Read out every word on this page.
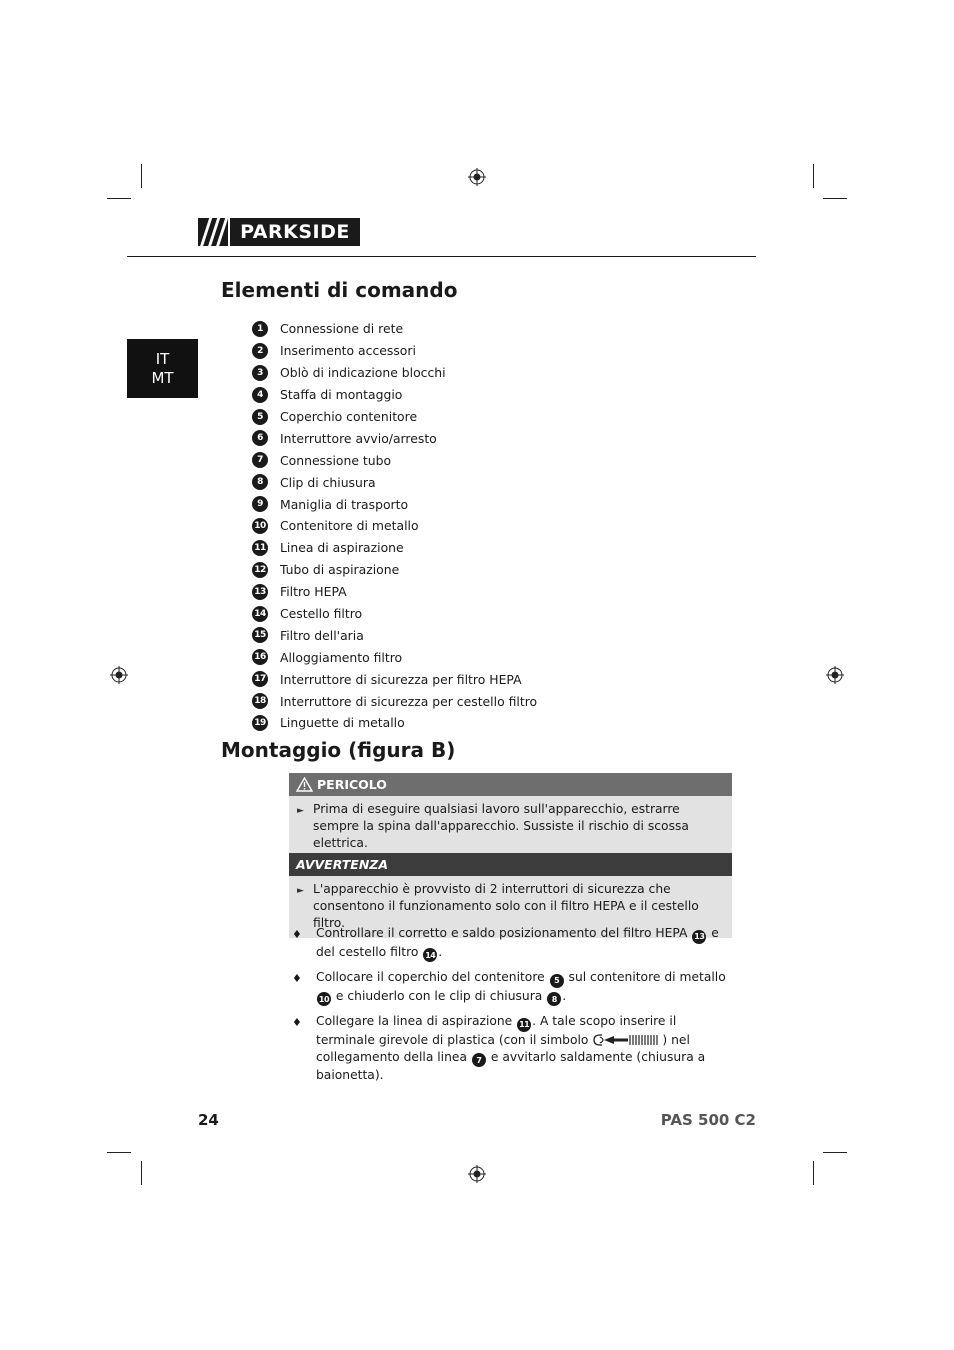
PARKSIDE
IT
MT
Elementi di comando
1	Connessione di rete
2	Inserimento accessori
3	Oblò di indicazione blocchi
4	Staffa di montaggio
5	Coperchio contenitore
6	Interruttore avvio/arresto
7	Connessione tubo
8	Clip di chiusura
9	Maniglia di trasporto
10 Contenitore di metallo
11 Linea di aspirazione
12 Tubo di aspirazione
13 Filtro HEPA
14 Cestello filtro
15 Filtro dell'aria
16 Alloggiamento filtro
17 Interruttore di sicurezza per filtro HEPA
18 Interruttore di sicurezza per cestello filtro
19 Linguette di metallo
Montaggio (figura B)
PERICOLO
► Prima di eseguire qualsiasi lavoro sull'apparecchio, estrarre sempre la spina dall'apparecchio. Sussiste il rischio di scossa elettrica.
AVVERTENZA
► L'apparecchio è provvisto di 2 interruttori di sicurezza che consentono il funzionamento solo con il filtro HEPA e il cestello filtro.
♦	Controllare il corretto e saldo posizionamento del filtro HEPA 13 e del cestello filtro 14 .
♦	Collocare il coperchio del contenitore 5 sul contenitore di metallo 10 e chiuderlo con le clip di chiusura 8 .
♦	Collegare la linea di aspirazione 11 . A tale scopo inserire il terminale girevole di plastica (con il simbolo	) nel collegamento della linea 7 e avvitarlo saldamente (chiusura a baionetta).
24	PAS 500 C2
